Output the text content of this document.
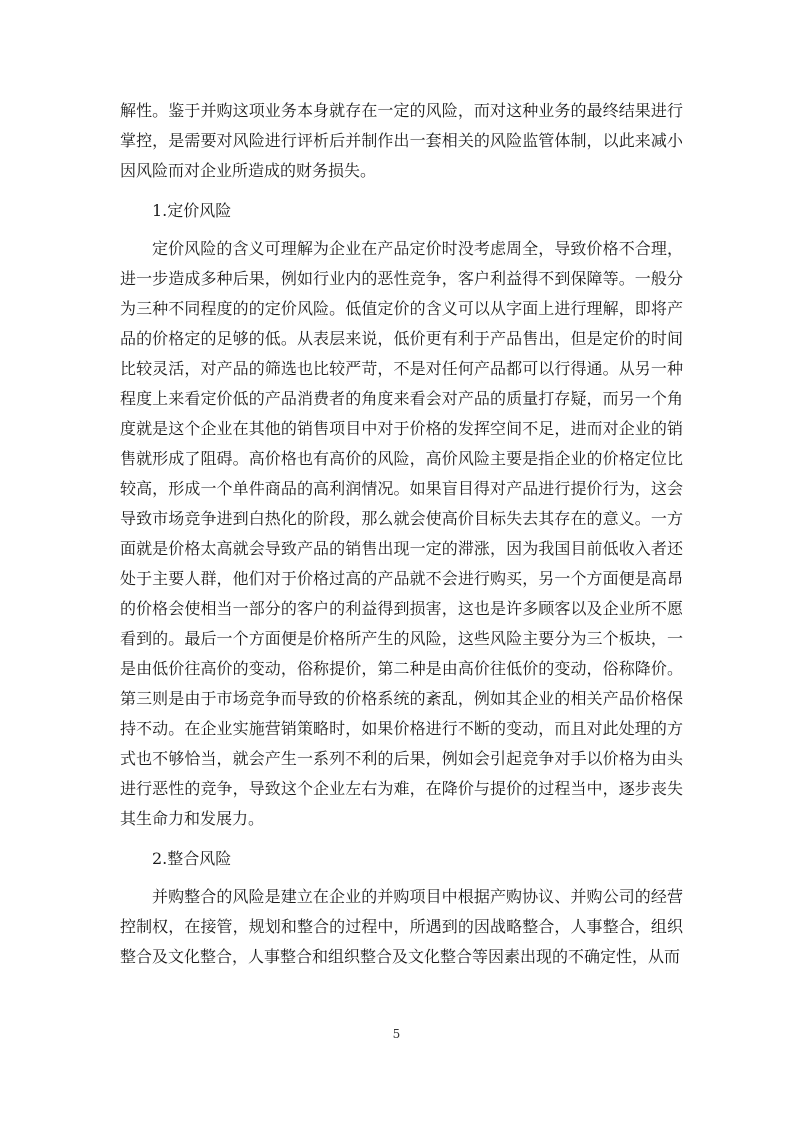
解性。鉴于并购这项业务本身就存在一定的风险，而对这种业务的最终结果进行掌控，是需要对风险进行评析后并制作出一套相关的风险监管体制，以此来减小因风险而对企业所造成的财务损失。

1.定价风险

定价风险的含义可理解为企业在产品定价时没考虑周全，导致价格不合理，进一步造成多种后果，例如行业内的恶性竞争，客户利益得不到保障等。一般分为三种不同程度的的定价风险。低值定价的含义可以从字面上进行理解，即将产品的价格定的足够的低。从表层来说，低价更有利于产品售出，但是定价的时间比较灵活，对产品的筛选也比较严苛，不是对任何产品都可以行得通。从另一种程度上来看定价低的产品消费者的角度来看会对产品的质量打存疑，而另一个角度就是这个企业在其他的销售项目中对于价格的发挥空间不足，进而对企业的销售就形成了阻碍。高价格也有高价的风险，高价风险主要是指企业的价格定位比较高，形成一个单件商品的高利润情况。如果盲目得对产品进行提价行为，这会导致市场竞争进到白热化的阶段，那么就会使高价目标失去其存在的意义。一方面就是价格太高就会导致产品的销售出现一定的滞涨，因为我国目前低收入者还处于主要人群，他们对于价格过高的产品就不会进行购买，另一个方面便是高昂的价格会使相当一部分的客户的利益得到损害，这也是许多顾客以及企业所不愿看到的。最后一个方面便是价格所产生的风险，这些风险主要分为三个板块，一是由低价往高价的变动，俗称提价，第二种是由高价往低价的变动，俗称降价。第三则是由于市场竞争而导致的价格系统的紊乱，例如其企业的相关产品价格保持不动。在企业实施营销策略时，如果价格进行不断的变动，而且对此处理的方式也不够恰当，就会产生一系列不利的后果，例如会引起竞争对手以价格为由头进行恶性的竞争，导致这个企业左右为难，在降价与提价的过程当中，逐步丧失其生命力和发展力。

2.整合风险

并购整合的风险是建立在企业的并购项目中根据产购协议、并购公司的经营控制权，在接管，规划和整合的过程中，所遇到的因战略整合，人事整合，组织整合及文化整合，人事整合和组织整合及文化整合等因素出现的不确定性，从而

5
